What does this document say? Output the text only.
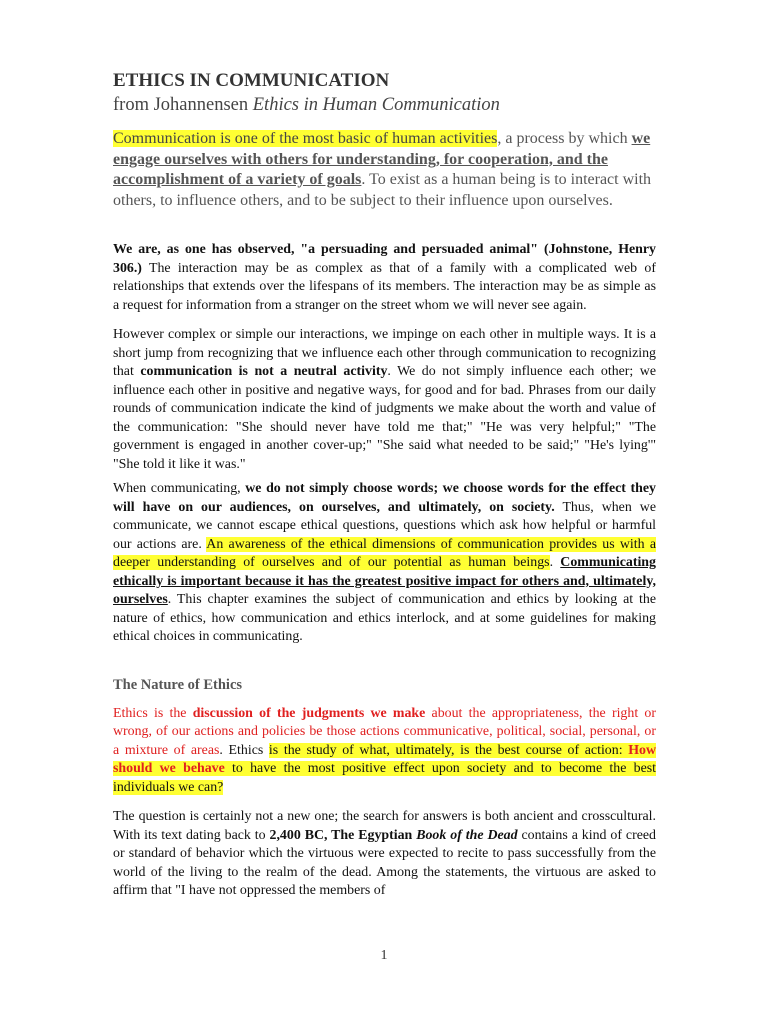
ETHICS IN COMMUNICATION
from Johannensen Ethics in Human Communication

Communication is one of the most basic of human activities, a process by which we engage ourselves with others for understanding, for cooperation, and the accomplishment of a variety of goals. To exist as a human being is to interact with others, to influence others, and to be subject to their influence upon ourselves.

We are, as one has observed, "a persuading and persuaded animal" (Johnstone, Henry 306.) The interaction may be as complex as that of a family with a complicated web of relationships that extends over the lifespans of its members. The interaction may be as simple as a request for information from a stranger on the street whom we will never see again.

However complex or simple our interactions, we impinge on each other in multiple ways. It is a short jump from recognizing that we influence each other through communication to recognizing that communication is not a neutral activity. We do not simply influence each other; we influence each other in positive and negative ways, for good and for bad. Phrases from our daily rounds of communication indicate the kind of judgments we make about the worth and value of the communication: "She should never have told me that;" "He was very helpful;" "The government is engaged in another cover-up;" "She said what needed to be said;" "He's lying'" "She told it like it was."

When communicating, we do not simply choose words; we choose words for the effect they will have on our audiences, on ourselves, and ultimately, on society. Thus, when we communicate, we cannot escape ethical questions, questions which ask how helpful or harmful our actions are. An awareness of the ethical dimensions of communication provides us with a deeper understanding of ourselves and of our potential as human beings. Communicating ethically is important because it has the greatest positive impact for others and, ultimately, ourselves. This chapter examines the subject of communication and ethics by looking at the nature of ethics, how communication and ethics interlock, and at some guidelines for making ethical choices in communicating.

The Nature of Ethics

Ethics is the discussion of the judgments we make about the appropriateness, the right or wrong, of our actions and policies be those actions communicative, political, social, personal, or a mixture of areas. Ethics is the study of what, ultimately, is the best course of action: How should we behave to have the most positive effect upon society and to become the best individuals we can?

The question is certainly not a new one; the search for answers is both ancient and crosscultural. With its text dating back to 2,400 BC, The Egyptian Book of the Dead contains a kind of creed or standard of behavior which the virtuous were expected to recite to pass successfully from the world of the living to the realm of the dead. Among the statements, the virtuous are asked to affirm that "I have not oppressed the members of

1
